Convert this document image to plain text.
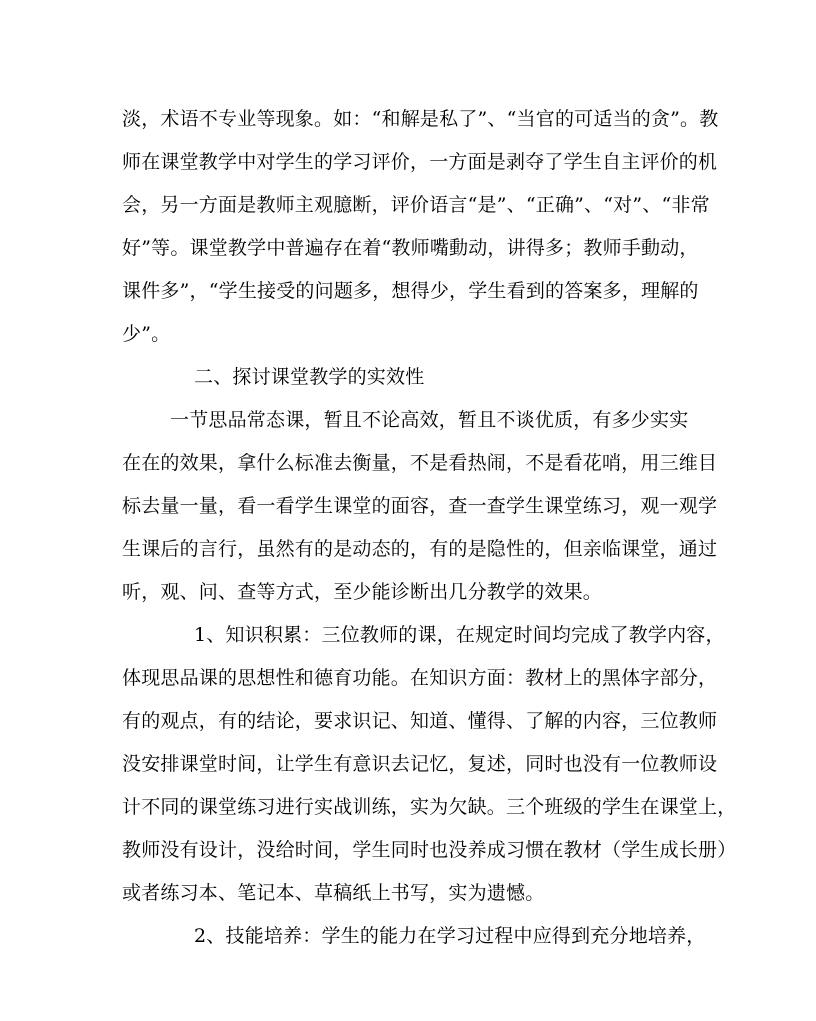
淡，术语不专业等现象。如：“和解是私了”、“当官的可适当的贪”。教
师在课堂教学中对学生的学习评价，一方面是剥夺了学生自主评价的机
会，另一方面是教师主观臆断，评价语言“是”、“正确”、“对”、“非常
好”等。课堂教学中普遍存在着“教师嘴動动，讲得多；教师手動动，
课件多”，“学生接受的问题多，想得少，学生看到的答案多，理解的
少”。
二、探讨课堂教学的实效性
一节思品常态课，暂且不论高效，暂且不谈优质，有多少实实
在在的效果，拿什么标准去衡量，不是看热闹，不是看花哨，用三维目
标去量一量，看一看学生课堂的面容，查一查学生课堂练习，观一观学
生课后的言行，虽然有的是动态的，有的是隐性的，但亲临课堂，通过
听，观、问、查等方式，至少能诊断出几分教学的效果。
1、知识积累：三位教师的课，在规定时间均完成了教学内容，
体现思品课的思想性和德育功能。在知识方面：教材上的黑体字部分，
有的观点，有的结论，要求识记、知道、懂得、了解的内容，三位教师
没安排课堂时间，让学生有意识去记忆，复述，同时也没有一位教师设
计不同的课堂练习进行实战训练，实为欠缺。三个班级的学生在课堂上，
教师没有设计，没给时间，学生同时也没养成习惯在教材（学生成长册）
或者练习本、笔记本、草稿纸上书写，实为遗憾。
2、技能培养：学生的能力在学习过程中应得到充分地培养，
